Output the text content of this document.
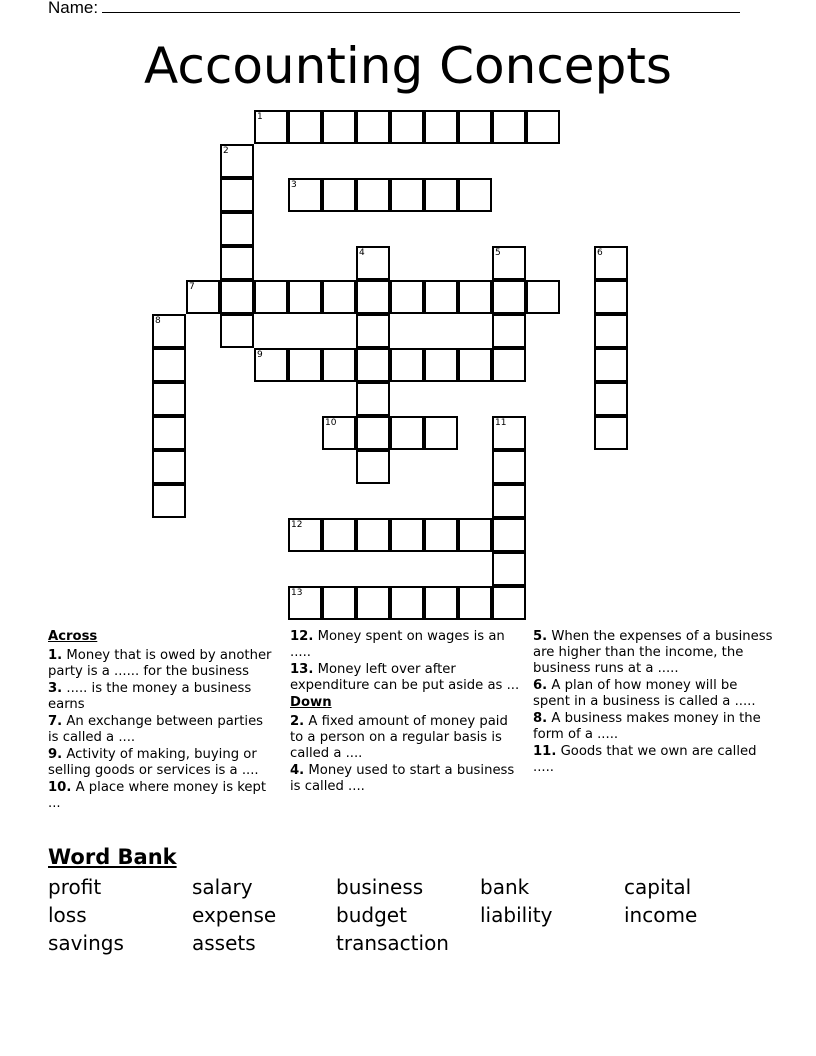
Name:
Accounting Concepts
1
2
3
4	5	6
7
8
9
10	11
12
13
Across
1. Money that is owed by another party is a ...... for the business
3. ..... is the money a business earns
7. An exchange between parties is called a ....
9. Activity of making, buying or selling goods or services is a ....
10. A place where money is kept ...
12. Money spent on wages is an .....
13. Money left over after expenditure can be put aside as ...
Down
2. A fixed amount of money paid to a person on a regular basis is called a ....
4. Money used to start a business is called ....
5. When the expenses of a business are higher than the income, the business runs at a .....
6. A plan of how money will be spent in a business is called a .....
8. A business makes money in the form of a .....
11. Goods that we own are called .....
Word Bank
profit	salary	business	bank	capital
loss	expense	budget	liability	income
savings	assets	transaction
